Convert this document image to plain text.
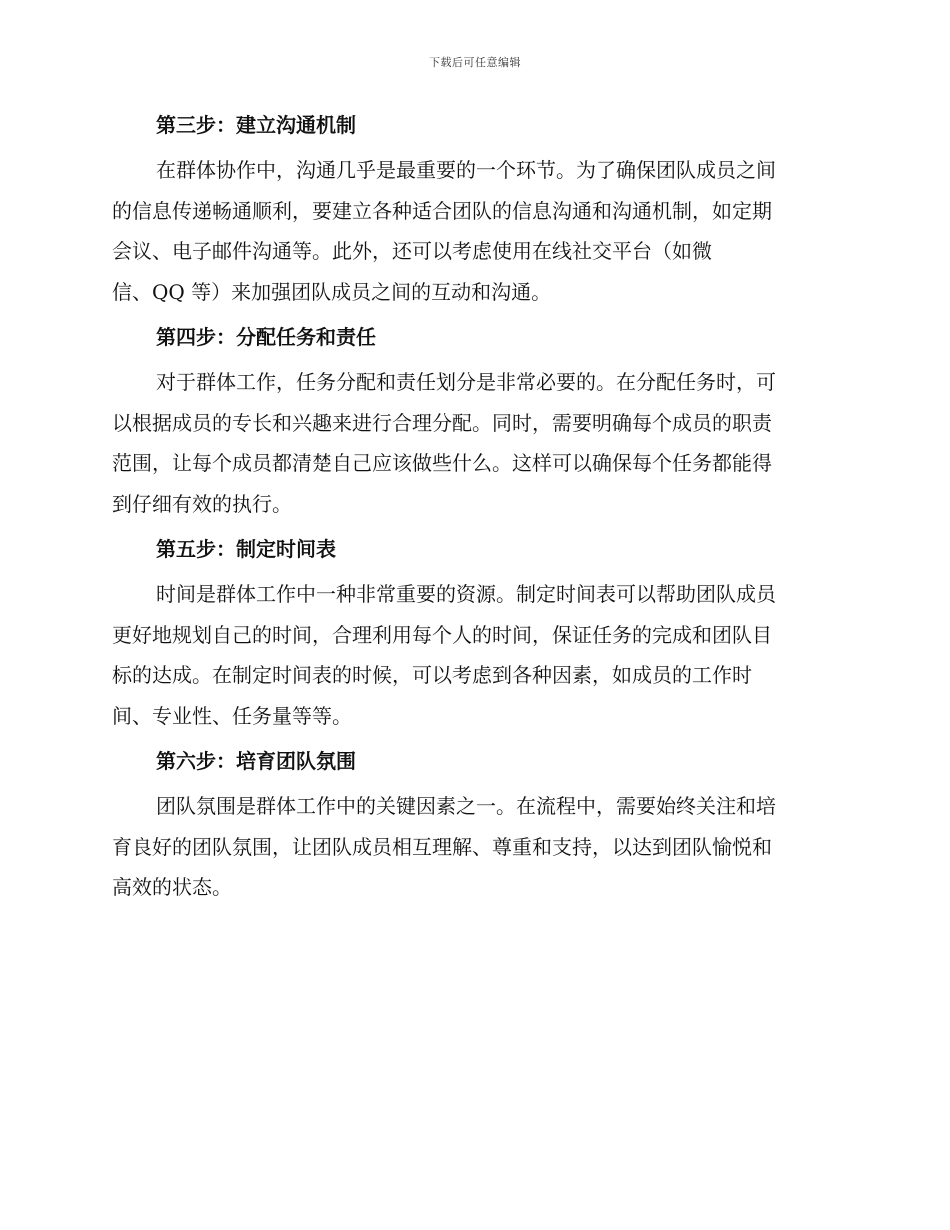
下载后可任意编辑
第三步：建立沟通机制
在群体协作中，沟通几乎是最重要的一个环节。为了确保团队成员之间
的信息传递畅通顺利，要建立各种适合团队的信息沟通和沟通机制，如定期
会议、电子邮件沟通等。此外，还可以考虑使用在线社交平台（如微
信、QQ 等）来加强团队成员之间的互动和沟通。
第四步：分配任务和责任
对于群体工作，任务分配和责任划分是非常必要的。在分配任务时，可
以根据成员的专长和兴趣来进行合理分配。同时，需要明确每个成员的职责
范围，让每个成员都清楚自己应该做些什么。这样可以确保每个任务都能得
到仔细有效的执行。
第五步：制定时间表
时间是群体工作中一种非常重要的资源。制定时间表可以帮助团队成员
更好地规划自己的时间，合理利用每个人的时间，保证任务的完成和团队目
标的达成。在制定时间表的时候，可以考虑到各种因素，如成员的工作时
间、专业性、任务量等等。
第六步：培育团队氛围
团队氛围是群体工作中的关键因素之一。在流程中，需要始终关注和培
育良好的团队氛围，让团队成员相互理解、尊重和支持，以达到团队愉悦和
高效的状态。
